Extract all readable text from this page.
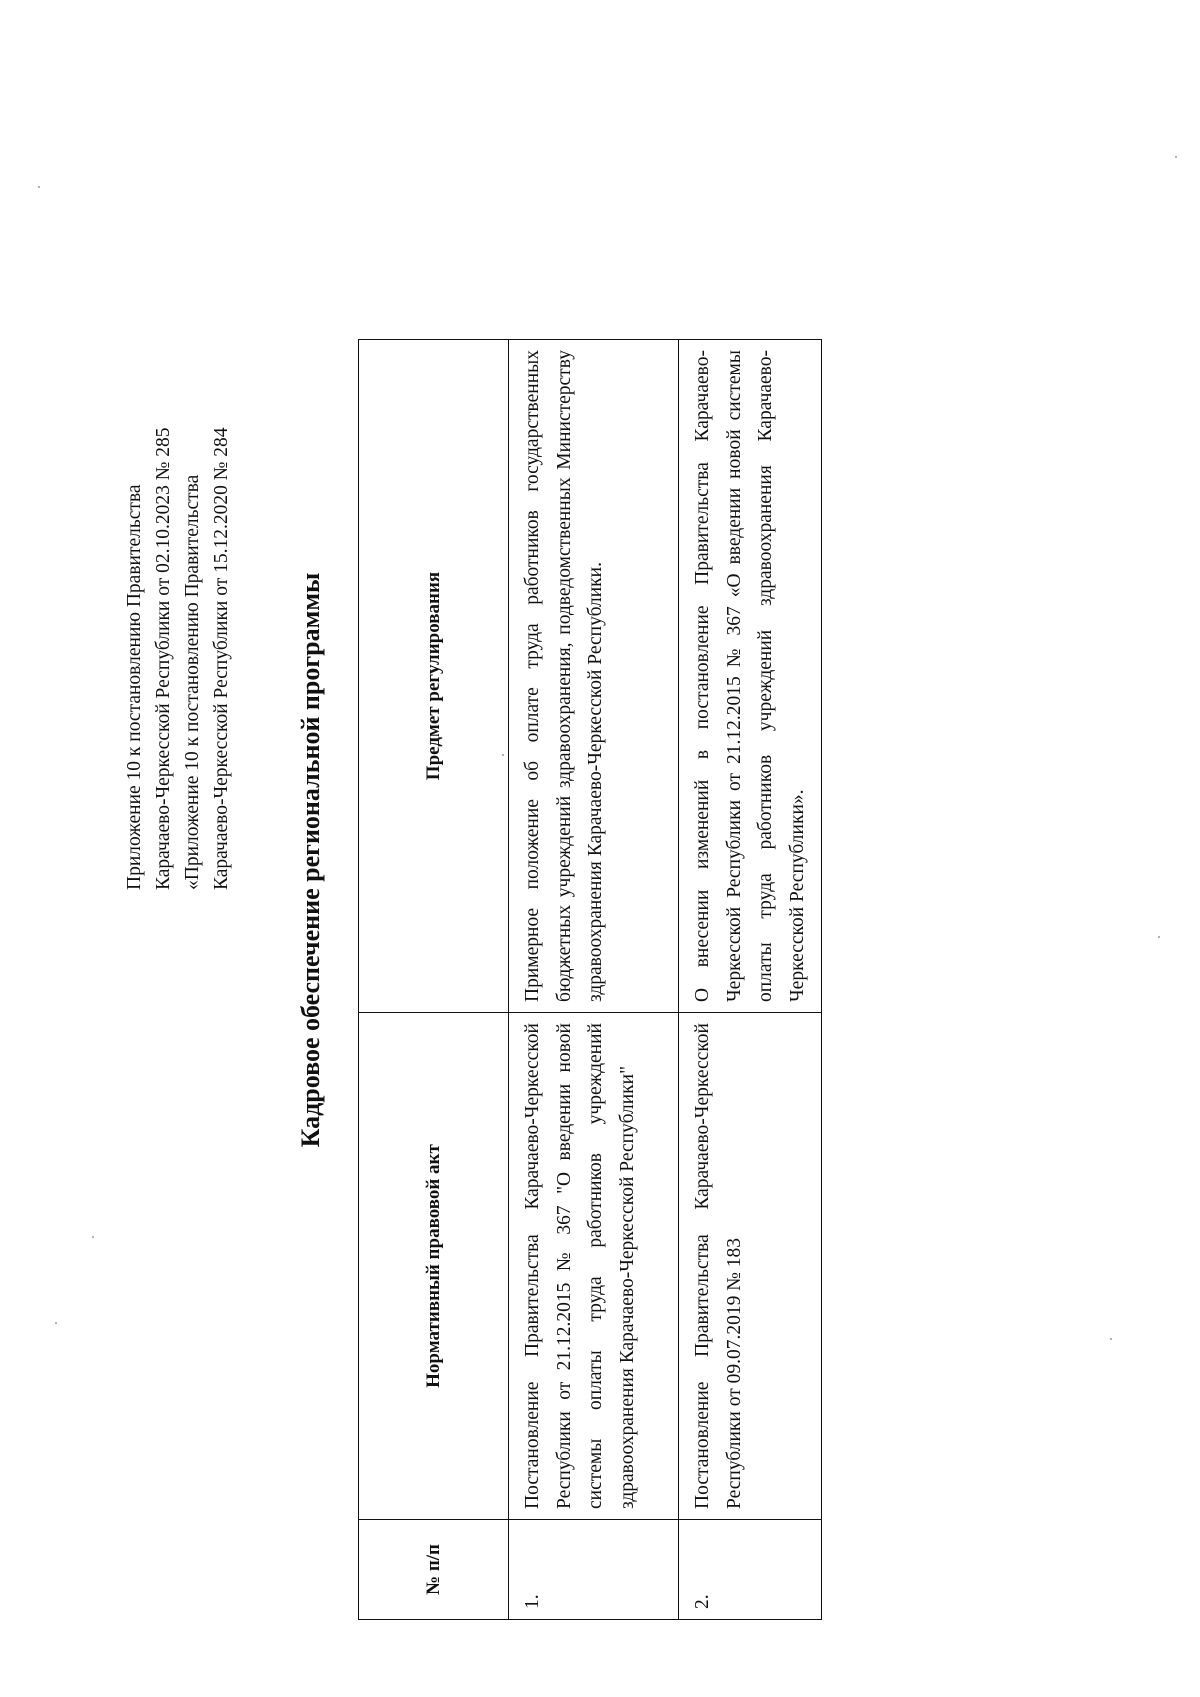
Приложение 10 к постановлению Правительства Карачаево-Черкесской Республики от 02.10.2023 № 285 «Приложение 10 к постановлению Правительства Карачаево-Черкесской Республики от 15.12.2020 № 284 Кадровое обеспечение региональной программы
№ п/п	Нормативный правовой акт	Предмет регулирования
1.	Постановление Правительства Карачаево-Черкесской Республики от 21.12.2015 № 367 "О введении новой системы оплаты труда работников учреждений здравоохранения Карачаево-Черкесской Республики"	Примерное положение об оплате труда работников государственных бюджетных учреждений здравоохранения, подведомственных Министерству здравоохранения Карачаево-Черкесской Республики.
2.	Постановление Правительства Карачаево-Черкесской Республики от 09.07.2019 № 183	О внесении изменений в постановление Правительства Карачаево-Черкесской Республики от 21.12.2015 № 367 «О введении новой системы оплаты труда работников учреждений здравоохранения Карачаево-Черкесской Республики».
